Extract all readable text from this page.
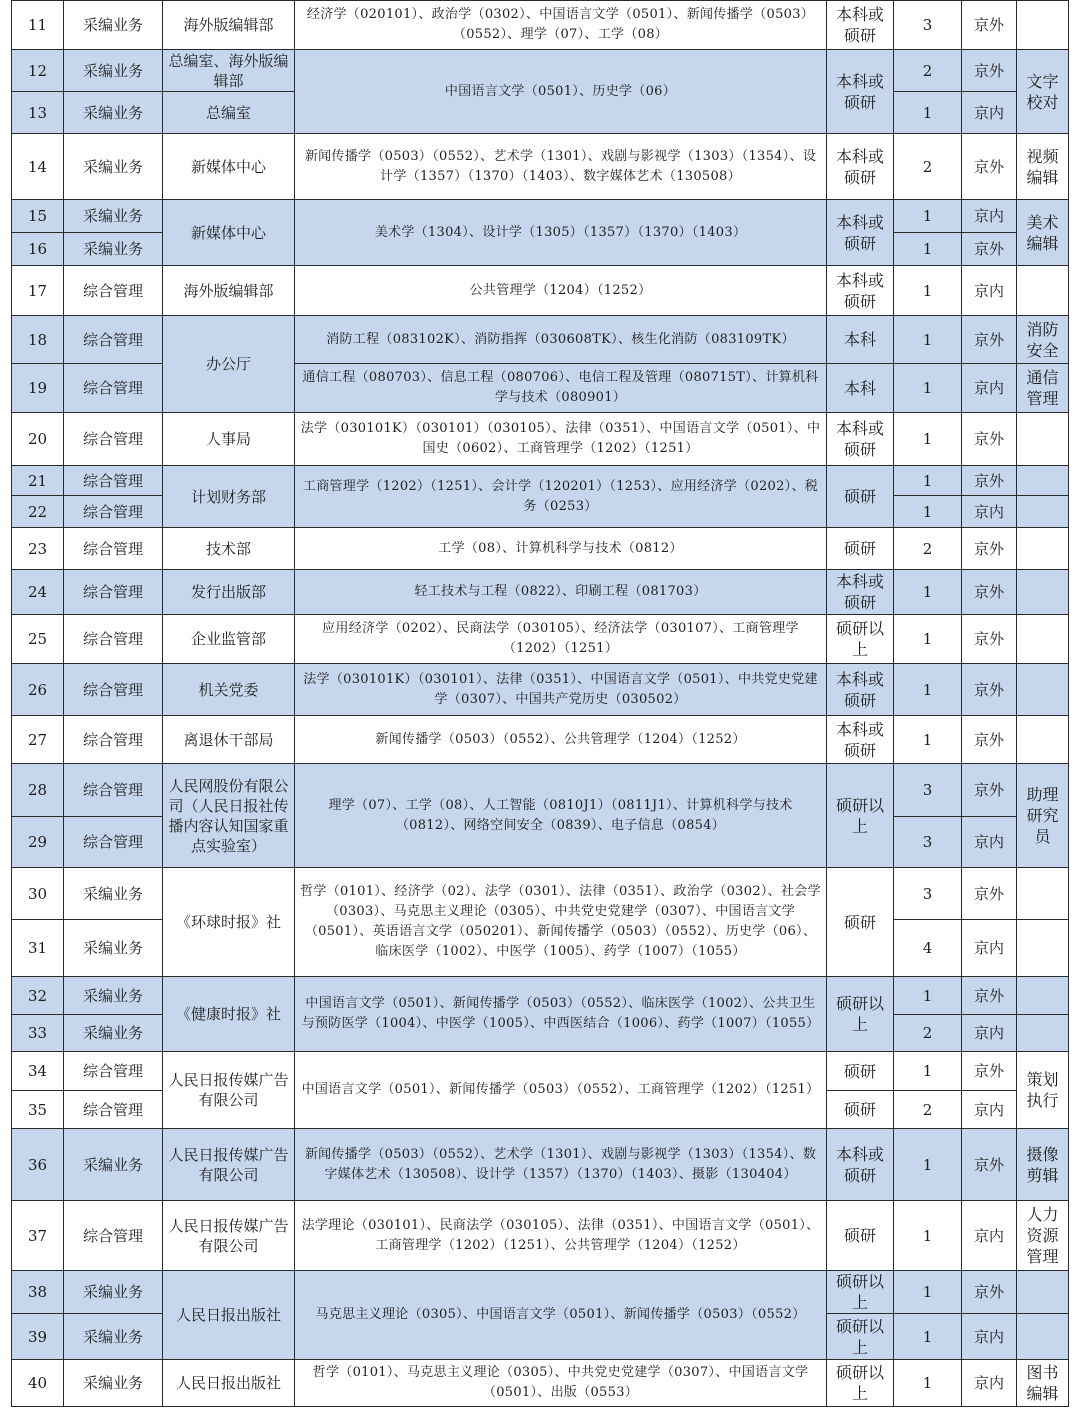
11	采编业务	海外版编辑部	经济学（020101）、政治学（0302）、中国语言文学（0501）、新闻传播学（0503）（0552）、理学（07）、工学（08）	本科或硕研	3	京外	
12	采编业务	总编室、海外版编辑部	中国语言文学（0501）、历史学（06）	本科或硕研	2	京外	文字校对
13	采编业务	总编室			1	京内	
14	采编业务	新媒体中心	新闻传播学（0503）（0552）、艺术学（1301）、戏剧与影视学（1303）（1354）、设计学（1357）（1370）（1403）、数字媒体艺术（130508）	本科或硕研	2	京外	视频编辑
15	采编业务	新媒体中心	美术学（1304）、设计学（1305）（1357）（1370）（1403）	本科或硕研	1	京内	美术编辑
16	采编业务				1	京外	
17	综合管理	海外版编辑部	公共管理学（1204）（1252）	本科或硕研	1	京内	
18	综合管理	办公厅	消防工程（083102K）、消防指挥（030608TK）、核生化消防（083109TK）	本科	1	京外	消防安全
19	综合管理		通信工程（080703）、信息工程（080706）、电信工程及管理（080715T）、计算机科学与技术（080901）	本科	1	京内	通信管理
20	综合管理	人事局	法学（030101K）（030101）（030105）、法律（0351）、中国语言文学（0501）、中国史（0602）、工商管理学（1202）（1251）	本科或硕研	1	京外	
21	综合管理	计划财务部	工商管理学（1202）（1251）、会计学（120201）（1253）、应用经济学（0202）、税务（0253）	硕研	1	京外	
22	综合管理				1	京内	
23	综合管理	技术部	工学（08）、计算机科学与技术（0812）	硕研	2	京外	
24	综合管理	发行出版部	轻工技术与工程（0822）、印刷工程（081703）	本科或硕研	1	京外	
25	综合管理	企业监管部	应用经济学（0202）、民商法学（030105）、经济法学（030107）、工商管理学（1202）（1251）	硕研以上	1	京外	
26	综合管理	机关党委	法学（030101K）（030101）、法律（0351）、中国语言文学（0501）、中共党史党建学（0307）、中国共产党历史（030502）	本科或硕研	1	京外	
27	综合管理	离退休干部局	新闻传播学（0503）（0552）、公共管理学（1204）（1252）	本科或硕研	1	京外	
28	综合管理	人民网股份有限公司（人民日报社传播内容认知国家重点实验室）	理学（07）、工学（08）、人工智能（0810J1）（0811J1）、计算机科学与技术（0812）、网络空间安全（0839）、电子信息（0854）	硕研以上	3	京外	助理研究员
29	综合管理				3	京内	
30	采编业务	《环球时报》社	哲学（0101）、经济学（02）、法学（0301）、法律（0351）、政治学（0302）、社会学（0303）、马克思主义理论（0305）、中共党史党建学（0307）、中国语言文学（0501）、英语语言文学（050201）、新闻传播学（0503）（0552）、历史学（06）、临床医学（1002）、中医学（1005）、药学（1007）（1055）	硕研	3	京外	
31	采编业务				4	京内	
32	采编业务	《健康时报》社	中国语言文学（0501）、新闻传播学（0503）（0552）、临床医学（1002）、公共卫生与预防医学（1004）、中医学（1005）、中西医结合（1006）、药学（1007）（1055）	硕研以上	1	京外	
33	采编业务				2	京内	
34	综合管理	人民日报传媒广告有限公司	中国语言文学（0501）、新闻传播学（0503）（0552）、工商管理学（1202）（1251）	硕研	1	京外	策划执行
35	综合管理			硕研	2	京内	
36	采编业务	人民日报传媒广告有限公司	新闻传播学（0503）（0552）、艺术学（1301）、戏剧与影视学（1303）（1354）、数字媒体艺术（130508）、设计学（1357）（1370）（1403）、摄影（130404）	本科或硕研	1	京外	摄像剪辑
37	综合管理	人民日报传媒广告有限公司	法学理论（030101）、民商法学（030105）、法律（0351）、中国语言文学（0501）、工商管理学（1202）（1251）、公共管理学（1204）（1252）	硕研	1	京内	人力资源管理
38	采编业务	人民日报出版社	马克思主义理论（0305）、中国语言文学（0501）、新闻传播学（0503）（0552）	硕研以上	1	京外	
39	采编业务			硕研以上	1	京内	
40	采编业务	人民日报出版社	哲学（0101）、马克思主义理论（0305）、中共党史党建学（0307）、中国语言文学（0501）、出版（0553）	硕研以上	1	京内	图书编辑
